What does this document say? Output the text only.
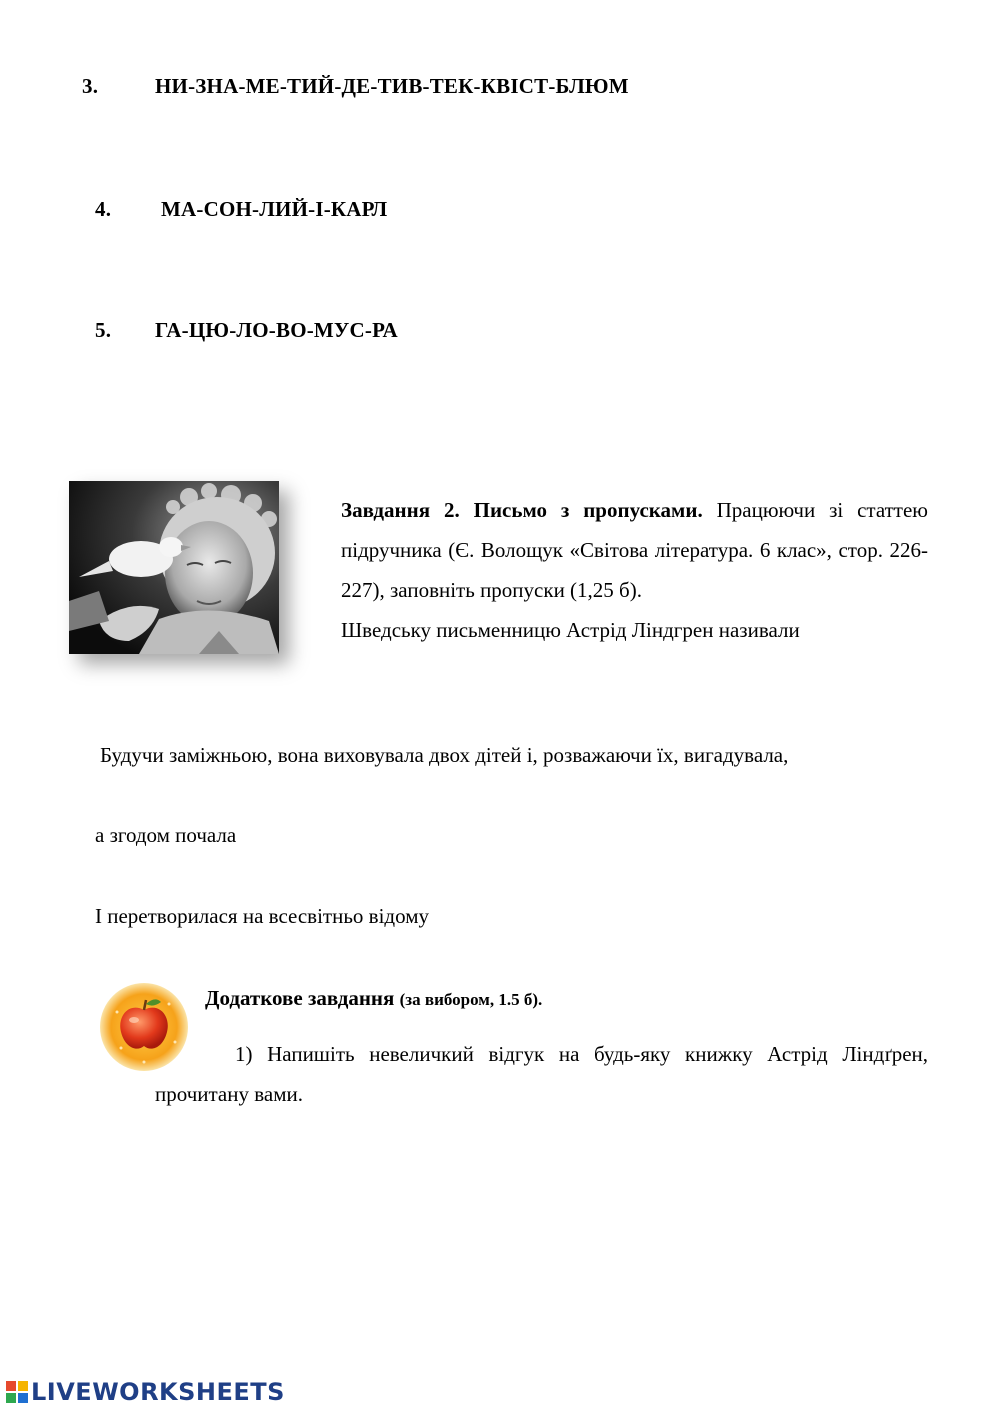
3.	НИ-ЗНА-МЕ-ТИЙ-ДЕ-ТИВ-ТЕК-КВІСТ-БЛЮМ
4. МА-СОН-ЛИЙ-І-КАРЛ
5. ГА-ЦЮ-ЛО-ВО-МУС-РА
Завдання 2. Письмо з пропусками. Працюючи зі статтею підручника (Є. Волощук «Світова література. 6 клас», стор. 226-227), заповніть пропуски (1,25 б).
Шведську письменницю Астрід Ліндгрен називали
Будучи заміжньою, вона виховувала двох дітей і, розважаючи їх, вигадувала,
а згодом почала
І перетворилася на всесвітньо відому
Додаткове завдання (за вибором, 1.5 б).
1) Напишіть невеличкий відгук на будь-яку книжку Астрід Ліндґрен, прочитану вами.
LIVEWORKSHEETS
